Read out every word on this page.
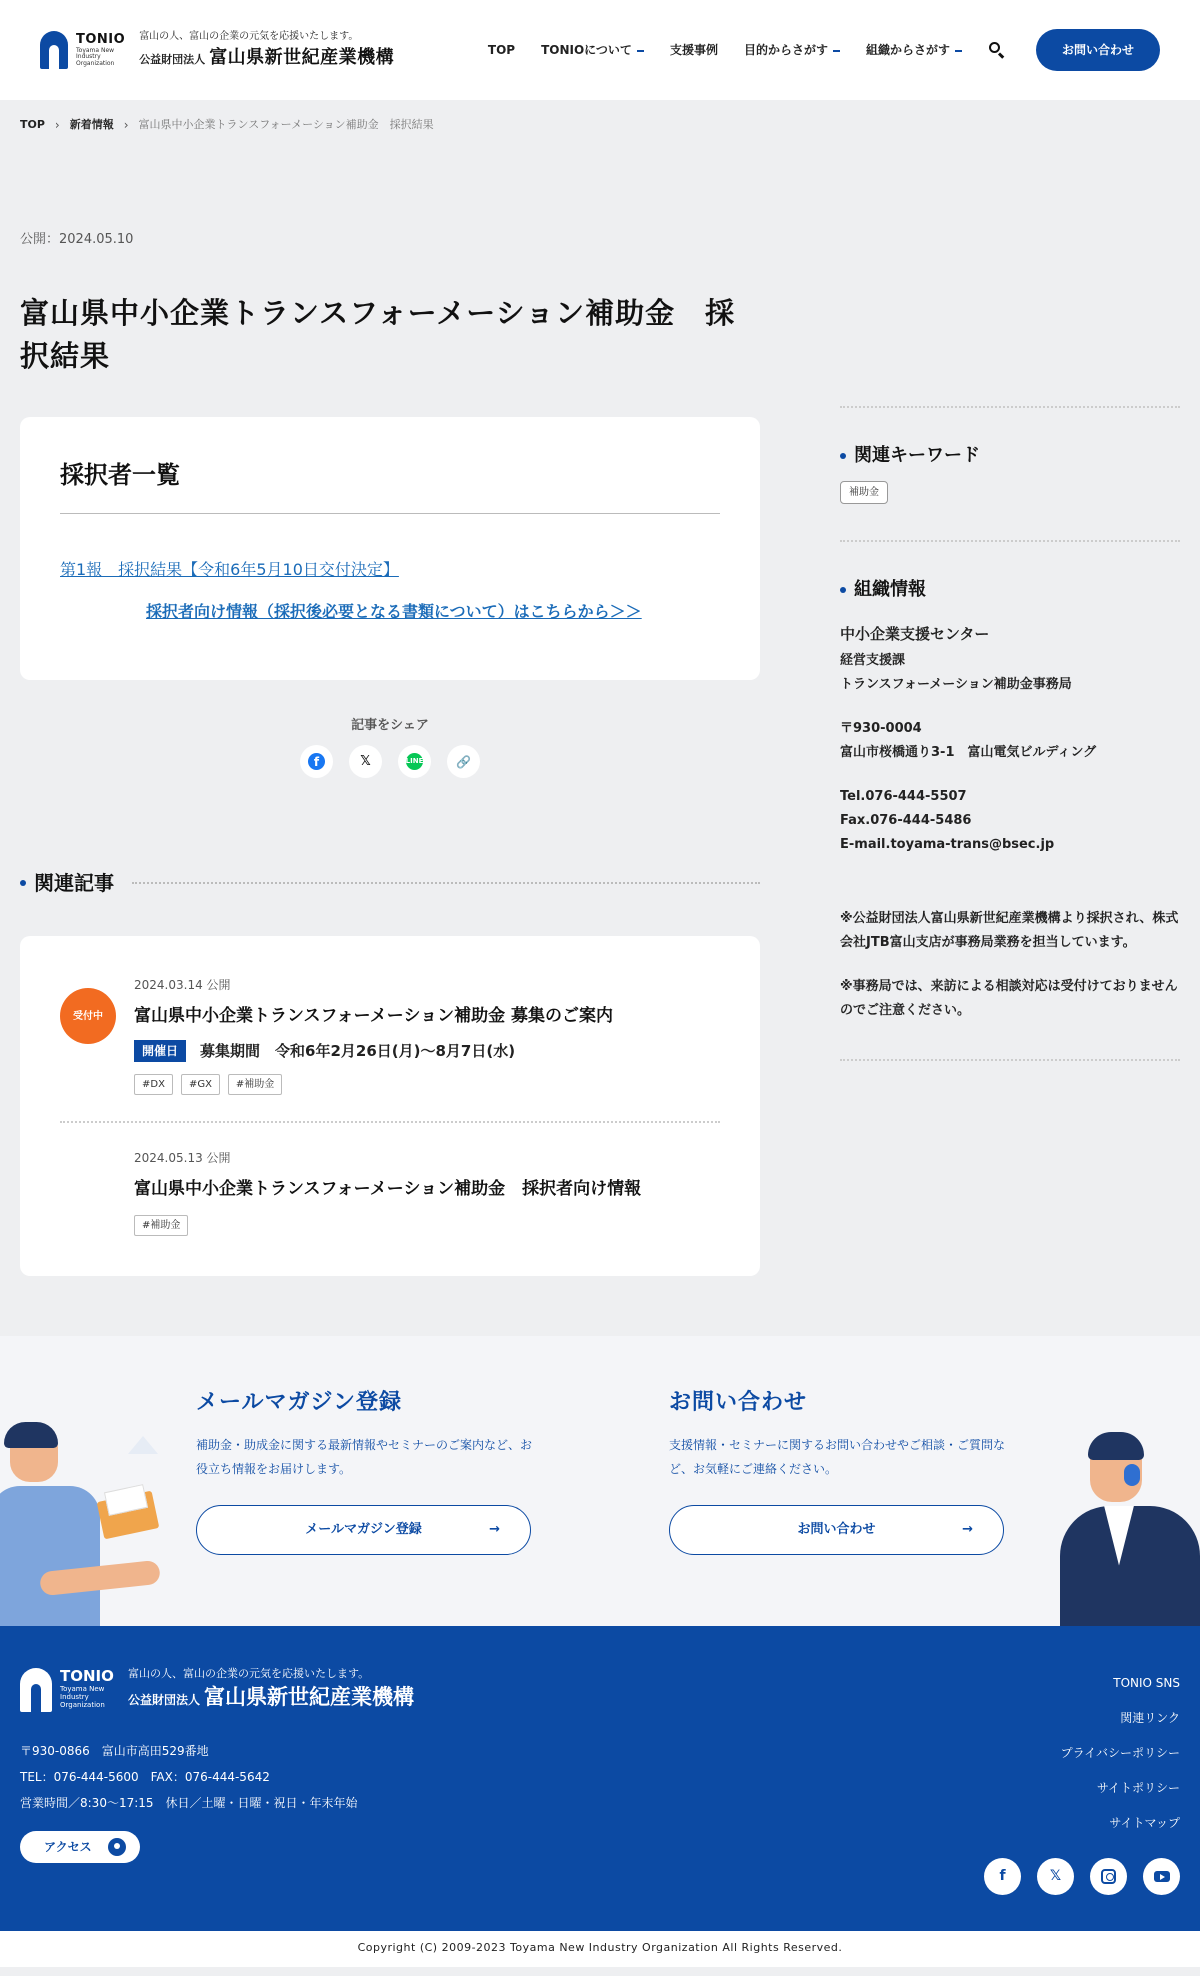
TONIO
Toyama New Industry Organization
富山の人、富山の企業の元気を応援いたします。
公益財団法人 富山県新世紀産業機構	TOP TONIOについて	支援事例 目的からさがす	組織からさがす	お問い合わせ
TOP › 新着情報 › 富山県中小企業トランスフォーメーション補助金　採択結果
公開：2024.05.10
富山県中小企業トランスフォーメーション補助金　採択結果
採択者一覧
第1報　採択結果【令和6年5月10日交付決定】
採択者向け情報（採択後必要となる書類について）はこちらから＞＞
記事をシェア
f	𝕏	LINE	🔗
関連記事
受付中
2024.03.14 公開
富山県中小企業トランスフォーメーション補助金 募集のご案内
開催日	募集期間　令和6年2月26日(月)〜8月7日(水)
#DX	#GX	#補助金
2024.05.13 公開
富山県中小企業トランスフォーメーション補助金　採択者向け情報
#補助金
関連キーワード
補助金
組織情報
中小企業支援センター
経営支援課
トランスフォーメーション補助金事務局
〒930-0004
富山市桜橋通り3-1　富山電気ビルディング
Tel.076-444-5507
Fax.076-444-5486
E-mail.toyama-trans@bsec.jp

※公益財団法人富山県新世紀産業機構より採択され、株式会社JTB富山支店が事務局業務を担当しています。

※事務局では、来訪による相談対応は受付けておりませんのでご注意ください。

メールマガジン登録

補助金・助成金に関する最新情報やセミナーのご案内など、お役立ち情報をお届けします。

メールマガジン登録	→
お問い合わせ

支援情報・セミナーに関するお問い合わせやご相談・ご質問など、お気軽にご連絡ください。

お問い合わせ	→
TONIO
Toyama New Industry Organization
富山の人、富山の企業の元気を応援いたします。
公益財団法人 富山県新世紀産業機構
〒930-0866　富山市高田529番地
TEL：076-444-5600　FAX：076-444-5642
営業時間／8:30〜17:15　休日／土曜・日曜・祝日・年末年始
アクセス
TONIO SNS
関連リンク
プライバシーポリシー
サイトポリシー
サイトマップ
f	𝕏
Copyright (C) 2009-2023 Toyama New Industry Organization All Rights Reserved.
